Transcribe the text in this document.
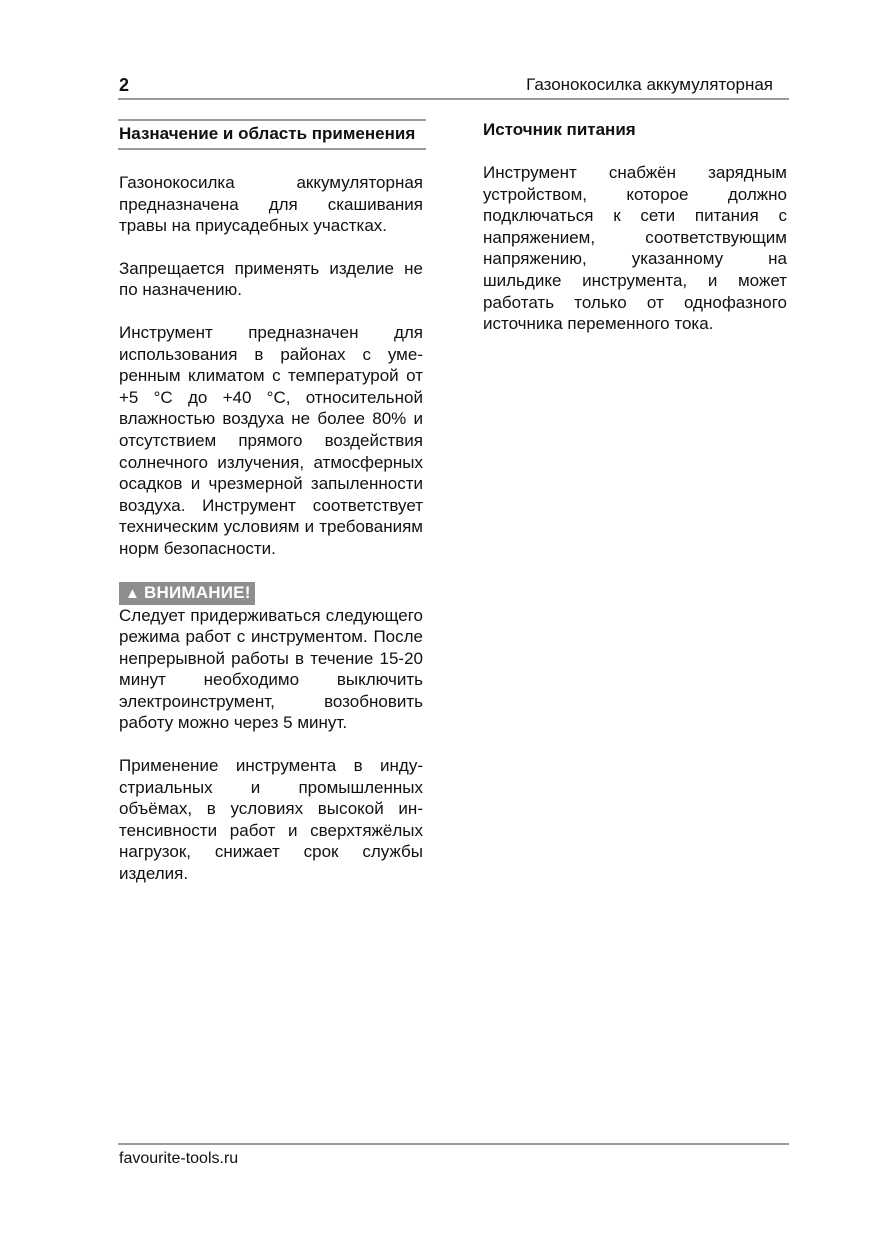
2	Газонокосилка аккумуляторная
Назначение и область применения

Газонокосилка аккумуляторная предназначена для скашивания травы на приусадебных участках.

Запрещается применять изделие не по назначению.

Инструмент предназначен для использования в районах с умеренным климатом с температурой от +5 °C до +40 °C, относительной влажностью воздуха не более 80% и отсутствием прямого воздействия солнечного излучения, атмосферных осадков и чрезмерной запыленности воздуха. Инструмент соответствует техническим условиям и требованиям норм безопасности.

▲ ВНИМАНИЕ!

Следует придерживаться следующего режима работ с инструментом. После непрерывной работы в течение 15-20 минут необходимо выключить электроинструмент, возобновить работу можно через 5 минут.

Применение инструмента в индустриальных и промышленных объёмах, в условиях высокой интенсивности работ и сверхтяжёлых нагрузок, снижает срок службы изделия.

Источник питания

Инструмент снабжён зарядным устройством, которое должно подключаться к сети питания с напряжением, соответствующим напряжению, указанному на шильдике инструмента, и может работать только от однофазного источника переменного тока.

favourite-tools.ru
